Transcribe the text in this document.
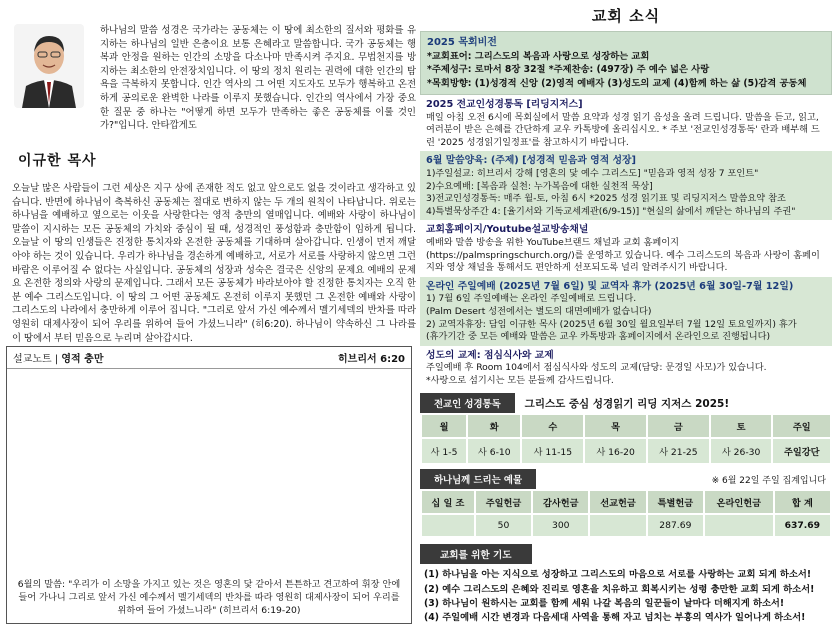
이규한 목사
하나님의 말씀 성경은 국가라는 공동체는 이 땅에 최소한의 질서와 평화를 유지하는 하나님의 일반 은총이요 보통 은혜라고 말씀합니다. 국가 공동체는 행복과 안정을 원하는 인간의 소망을 다소나마 만족시켜 주지요. 무법천지를 방지하는 최소한의 안전장치입니다. 이 땅의 정치 원리는 권력에 대한 인간의 탐욕을 극복하지 못합니다. 인간 역사의 그 어떤 지도자도 모두가 행복하고 온전하게 공의로운 완벽한 나라를 이루지 못했습니다. 인간의 역사에서 가장 중요한 질문 중 하나는 "어떻게 하면 모두가 만족하는 좋은 공동체를 이룰 것인가?"입니다. 안타깝게도
오늘날 많은 사람들이 그런 세상은 지구 상에 존재한 적도 없고 앞으로도 없을 것이라고 생각하고 있습니다. 반면에 하나님이 축복하신 공동체는 절대로 변하지 않는 두 개의 원칙이 나타납니다. 위로는 하나님을 예배하고 옆으로는 이웃을 사랑한다는 영적 충만의 열매입니다. 예배와 사랑이 하나님이 말씀이 지시하는 모든 공동체의 가치와 중심이 될 때, 성경적인 풍성함과 충만함이 임하게 됩니다. 오늘날 이 땅의 인생들은 진정한 통치자와 온전한 공동체를 기대하며 살아갑니다. 인생이 먼저 깨달아야 하는 것이 있습니다. 우리가 하나님을 경손하게 예배하고, 서로가 서로를 사랑하지 않으면 그런 바람은 이루어질 수 없다는 사실입니다. 공동체의 성장과 성숙은 결국은 신앙의 문제요 예배의 문제요 온전한 정의와 사랑의 문제입니다. 그래서 모든 공동체가 바라보아야 할 진정한 통치자는 오직 한 분 예수 그리스도입니다. 이 땅의 그 어떤 공동체도 온전히 이루지 못했던 그 온전한 예배와 사랑이 그리스도의 나라에서 충만하게 이루어 집니다. "그리로 앞서 가신 예수께서 멜기세덱의 반차를 따라 영원히 대제사장이 되어 우리를 위하여 들어 가셨느니라" (히6:20). 하나님이 약속하신 그 나라를 이 땅에서 부터 믿음으로 누리며 살아갑시다.
설교노트 | 영적 충만	히브리서 6:20
6월의 말씀: "우리가 이 소망을 가지고 있는 것은 영혼의 닻 같아서 튼튼하고 견고하여 휘장 안에 들어 가나니 그리로 앞서 가신 예수께서 멜기세덱의 반차를 따라 영원히 대제사장이 되어 우리를 위하여 들어 가셨느니라" (히브리서 6:19-20)
교회 소식
2025 목회비전
*교회표어: 그리스도의 복음과 사랑으로 성장하는 교회
*주제성구: 로마서 8장 32절 *주제찬송: (497장) 주 예수 넓은 사랑
*목회방향: (1)성경적 신앙 (2)영적 예배자 (3)성도의 교제 (4)함께 하는 삶 (5)감격 공동체
2025 전교인성경통독 [리딩지저스]
매일 아침 오전 6시에 목회실에서 말씀 요약과 성경 읽기 음성을 올려 드립니다. 말씀을 듣고, 읽고, 여러분이 받은 은혜를 간단하게 교우 카톡방에 올리십시오. * 주보 '전교인성경통독' 란과 배부해 드린 '2025 성경읽기일정표'를 참고하시기 바랍니다.
6월 말씀양육: (주제) [성경적 믿음과 영적 성장]
1)주일설교: 히브리서 강해 [영혼의 닻 예수 그리스도] "믿음과 영적 성장 7 포인트"
2)수요예배: [복음과 실천: 누가복음에 대한 실천적 묵상]
3)전교인성경통독: 매주 월-토, 아침 6시 *2025 성경 읽기표 및 리딩지저스 말씀요약 참조
4)특별묵상주간 4: [율기서와 기독교세계관(6/9-15)] "현실의 삶에서 깨닫는 하나님의 주권"
교회홈페이지/Youtube설교방송채널
예배와 말씀 방송을 위한 YouTube브랜드 채널과 교회 홈페이지 (https://palmspringschurch.org/)를 운영하고 있습니다. 예수 그리스도의 복음과 사랑이 홈페이지와 영상 채널을 통해서도 편안하게 선포되도록 널리 알려주시기 바랍니다.
온라인 주일예배 (2025년 7월 6일) 및 교역자 휴가 (2025년 6월 30일-7월 12일)
1) 7월 6일 주일예배는 온라인 주일예배로 드립니다.
(Palm Desert 성전에서는 별도의 대면예배가 없습니다)
2) 교역자휴장: 담임 이규한 목사 (2025년 6월 30일 월요일부터 7월 12일 토요일까지) 휴가
(휴가기간 중 모든 예배와 말씀은 교우 카톡방과 홈페이지에서 온라인으로 진행됩니다)
성도의 교제: 점심식사와 교제
주일예배 후 Room 104에서 점심식사와 성도의 교제(담당: 문경일 사모)가 있습니다.
*사랑으로 섬기시는 모든 분들께 감사드립니다.
전교인 성경통독	그리스도 중심 성경읽기 리딩 지저스 2025!
월	화	수	목	금	토	주일
사 1-5	사 6-10	사 11-15	사 16-20	사 21-25	사 26-30	주일강단
하나님께 드리는 예물	※ 6월 22일 주일 집계입니다
십 일 조	주일헌금	감사헌금	선교헌금	특별헌금	온라인헌금	합 계
	50	300		287.69		637.69
교회를 위한 기도
(1) 하나님을 아는 지식으로 성장하고 그리스도의 마음으로 서로를 사랑하는 교회 되게 하소서!
(2) 예수 그리스도의 은혜와 진리로 영혼을 치유하고 회복시키는 성령 충만한 교회 되게 하소서!
(3) 하나님이 원하시는 교회를 함께 세워 나갈 복음의 일꾼들이 날마다 더해지게 하소서!
(4) 주일예배 시간 변경과 다음세대 사역을 통해 자고 넘치는 부흥의 역사가 일어나게 하소서!
